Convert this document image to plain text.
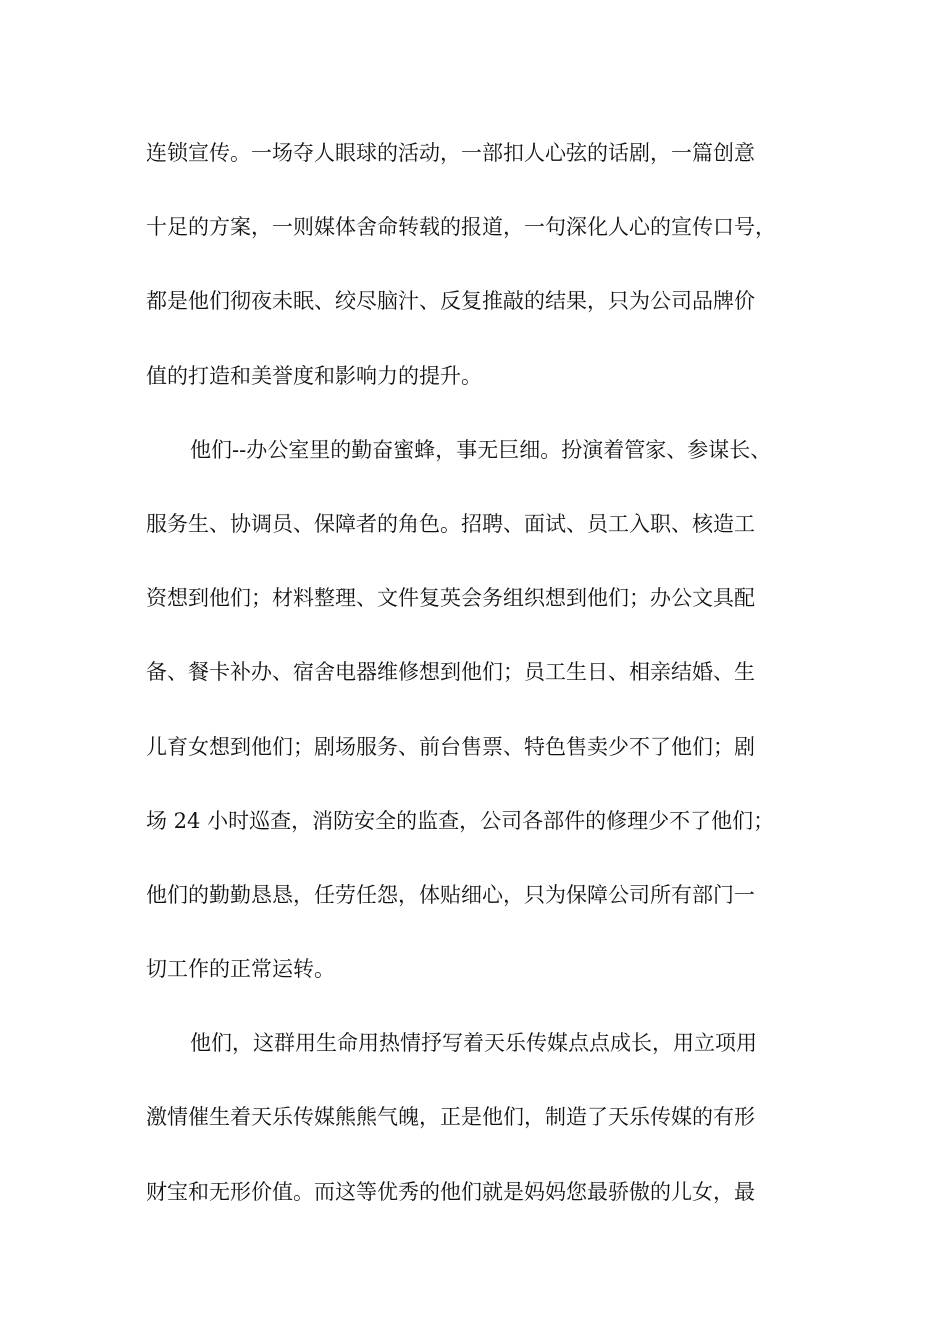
连锁宣传。一场夺人眼球的活动，一部扣人心弦的话剧，一篇创意
十足的方案，一则媒体舍命转载的报道，一句深化人心的宣传口号，
都是他们彻夜未眠、绞尽脑汁、反复推敲的结果，只为公司品牌价
值的打造和美誉度和影响力的提升。
他们--办公室里的勤奋蜜蜂，事无巨细。扮演着管家、参谋长、
服务生、协调员、保障者的角色。招聘、面试、员工入职、核造工
资想到他们；材料整理、文件复英会务组织想到他们；办公文具配
备、餐卡补办、宿舍电器维修想到他们；员工生日、相亲结婚、生
儿育女想到他们；剧场服务、前台售票、特色售卖少不了他们；剧
场 24 小时巡查，消防安全的监查，公司各部件的修理少不了他们；
他们的勤勤恳恳，任劳任怨，体贴细心，只为保障公司所有部门一
切工作的正常运转。
他们，这群用生命用热情抒写着天乐传媒点点成长，用立项用
激情催生着天乐传媒熊熊气魄，正是他们，制造了天乐传媒的有形
财宝和无形价值。而这等优秀的他们就是妈妈您最骄傲的儿女，最
